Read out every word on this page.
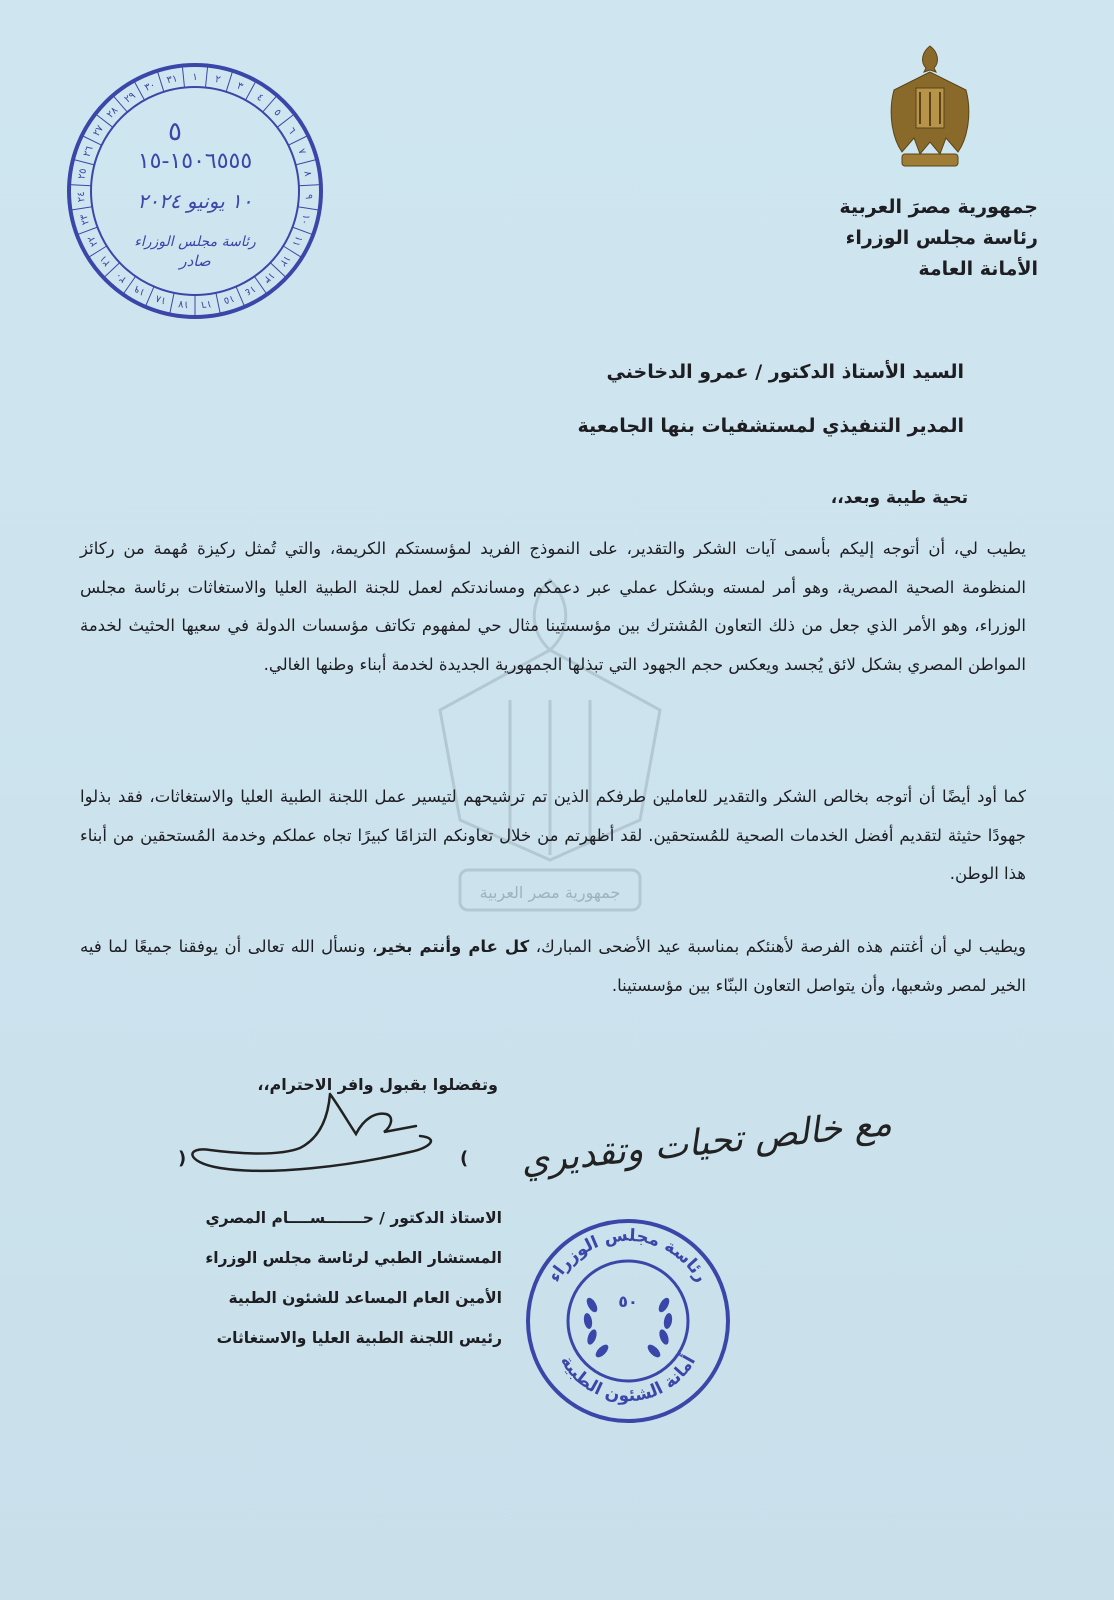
جمهورية مصر العربية
جمهورية مصرَ العربية
رئاسة مجلس الوزراء
الأمانة العامة
١ ٢
٣
٤
٥
٦
٧
٨
٩
١٠
١١
١٢
١٣
١٤
١٥
١٦
١٧
١٨
١٩
٢٠
٢١
٢٢
٢٣
٢٤
٢٥
٢٦
٢٧
٢٨
٢٩
٣٠ ٣١
٥
١٥٠٦٥٥٥-١٥
١٠ يونيو ٢٠٢٤
رئاسة مجلس الوزراء
صادر
السيد الأستاذ الدكتور / عمرو الدخاخني
المدير التنفيذي لمستشفيات بنها الجامعية
تحية طيبة وبعد،،
يطيب لي، أن أتوجه إليكم بأسمى آيات الشكر والتقدير، على النموذج الفريد لمؤسستكم الكريمة، والتي تُمثل ركيزة مُهمة من ركائز المنظومة الصحية المصرية، وهو أمر لمسته وبشكل عملي عبر دعمكم ومساندتكم لعمل للجنة الطبية العليا والاستغاثات برئاسة مجلس الوزراء، وهو الأمر الذي جعل من ذلك التعاون المُشترك بين مؤسستينا مثال حي لمفهوم تكاتف مؤسسات الدولة في سعيها الحثيث لخدمة المواطن المصري بشكل لائق يُجسد ويعكس حجم الجهود التي تبذلها الجمهورية الجديدة لخدمة أبناء وطنها الغالي.
كما أود أيضًا أن أتوجه بخالص الشكر والتقدير للعاملين طرفكم الذين تم ترشيحهم لتيسير عمل اللجنة الطبية العليا والاستغاثات، فقد بذلوا جهودًا حثيثة لتقديم أفضل الخدمات الصحية للمُستحقين. لقد أظهرتم من خلال تعاونكم التزامًا كبيرًا تجاه عملكم وخدمة المُستحقين من أبناء هذا الوطن.
ويطيب لي أن أغتنم هذه الفرصة لأهنئكم بمناسبة عيد الأضحى المبارك، كل عام وأنتم بخير، ونسأل الله تعالى أن يوفقنا جميعًا لما فيه الخير لمصر وشعبها، وأن يتواصل التعاون البنّاء بين مؤسستينا.
وتفضلوا بقبول وافر الاحترام،،
(	)
الاستاذ الدكتور / حـــــــســــام المصري
المستشار الطبي لرئاسة مجلس الوزراء
الأمين العام المساعد للشئون الطبية
رئيس اللجنة الطبية العليا والاستغاثات
مع خالص تحيات وتقديري
رئاسة مجلس الوزراء
أمانة الشئون الطبية
٥٠
